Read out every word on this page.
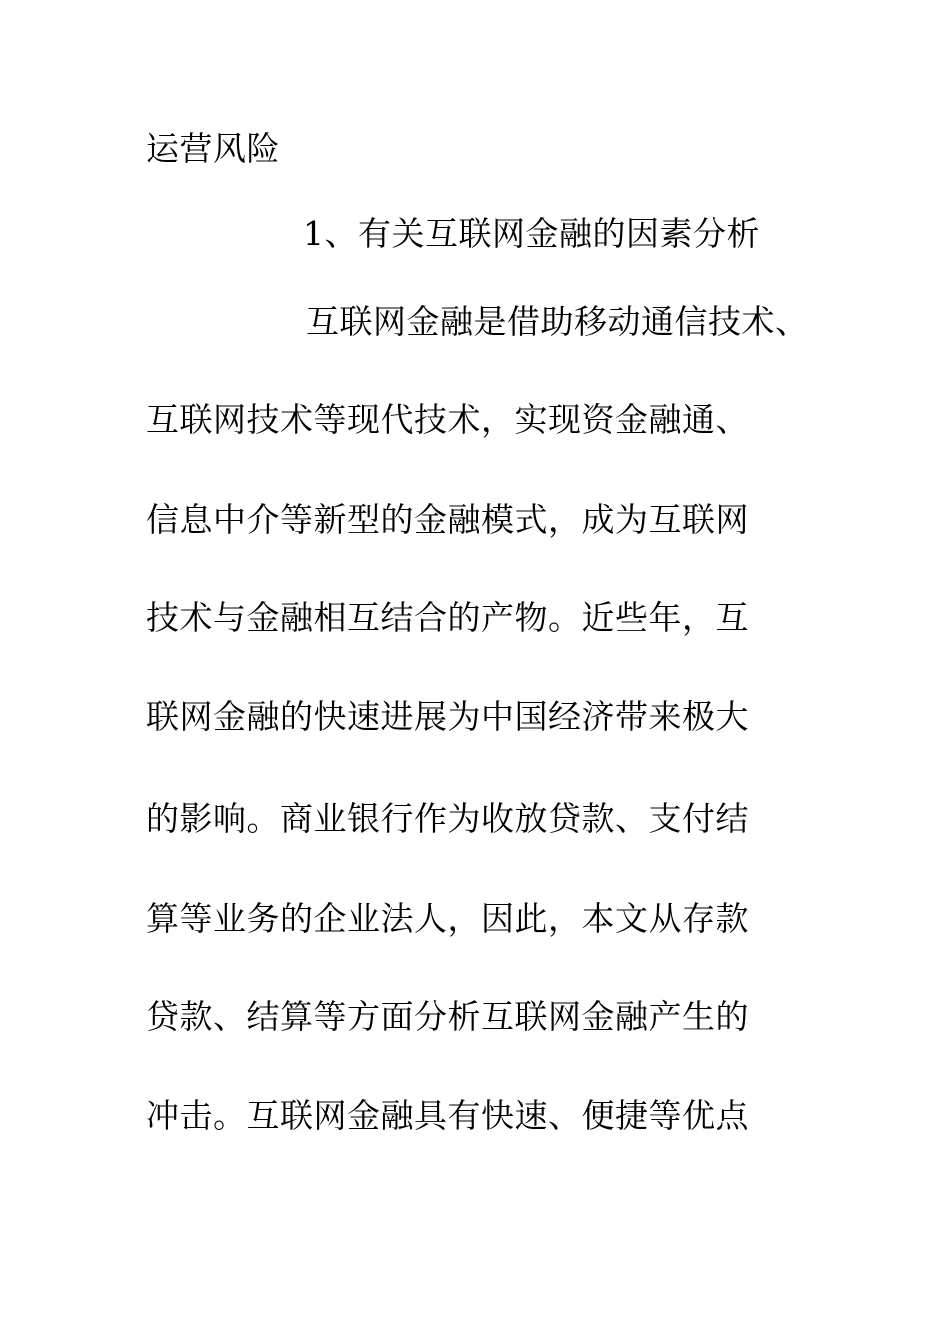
运营风险
1、有关互联网金融的因素分析
互联网金融是借助移动通信技术、
互联网技术等现代技术，实现资金融通、
信息中介等新型的金融模式，成为互联网
技术与金融相互结合的产物。近些年，互
联网金融的快速进展为中国经济带来极大
的影响。商业银行作为收放贷款、支付结
算等业务的企业法人，因此，本文从存款
贷款、结算等方面分析互联网金融产生的
冲击。互联网金融具有快速、便捷等优点
